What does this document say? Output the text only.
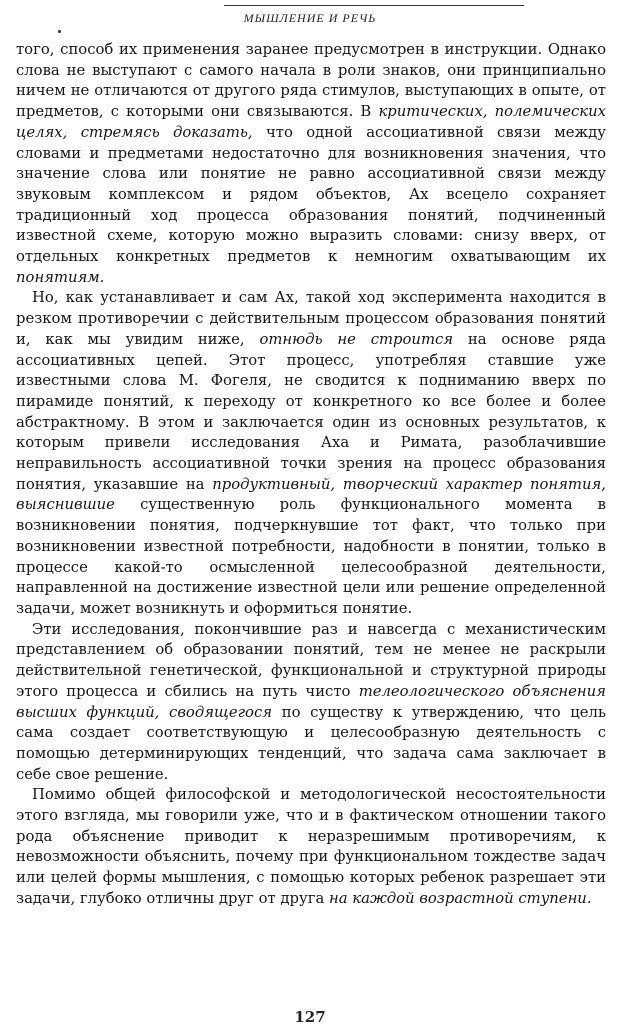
МЫШЛЕНИЕ И РЕЧЬ

того, способ их применения заранее предусмотрен в инструкции. Однако слова не выступают с самого начала в роли знаков, они принципиально ничем не отличаются от другого ряда стимулов, выступающих в опыте, от предметов, с которыми они связываются. В критических, полемических целях, стремясь доказать, что одной ассоциативной связи между словами и предметами недостаточно для возникновения значения, что значение слова или понятие не равно ассоциативной связи между звуковым комплексом и рядом объектов, Ах всецело сохраняет традиционный ход процесса образования понятий, подчиненный известной схеме, которую можно выразить словами: снизу вверх, от отдельных конкретных предметов к немногим охватывающим их понятиям.

Но, как устанавливает и сам Ах, такой ход эксперимента находится в резком противоречии с действительным процессом образования понятий и, как мы увидим ниже, отнюдь не строится на основе ряда ассоциативных цепей. Этот процесс, употребляя ставшие уже известными слова М. Фогеля, не сводится к подниманию вверх по пирамиде понятий, к переходу от конкретного ко все более и более абстрактному. В этом и заключается один из основных результатов, к которым привели исследования Аха и Римата, разоблачившие неправильность ассоциативной точки зрения на процесс образования понятия, указавшие на продуктивный, творческий характер понятия, выяснившие существенную роль функционального момента в возникновении понятия, подчеркнувшие тот факт, что только при возникновении известной потребности, надобности в понятии, только в процессе какой-то осмысленной целесообразной деятельности, направленной на достижение известной цели или решение определенной задачи, может возникнуть и оформиться понятие.

Эти исследования, покончившие раз и навсегда с механистическим представлением об образовании понятий, тем не менее не раскрыли действительной генетической, функциональной и структурной природы этого процесса и сбились на путь чисто телеологического объяснения высших функций, сводящегося по существу к утверждению, что цель сама создает соответствующую и целесообразную деятельность с помощью детерминирующих тенденций, что задача сама заключает в себе свое решение.

Помимо общей философской и методологической несостоятельности этого взгляда, мы говорили уже, что и в фактическом отношении такого рода объяснение приводит к неразрешимым противоречиям, к невозможности объяснить, почему при функциональном тождестве задач или целей формы мышления, с помощью которых ребенок разрешает эти задачи, глубоко отличны друг от друга на каждой возрастной ступени.

127
